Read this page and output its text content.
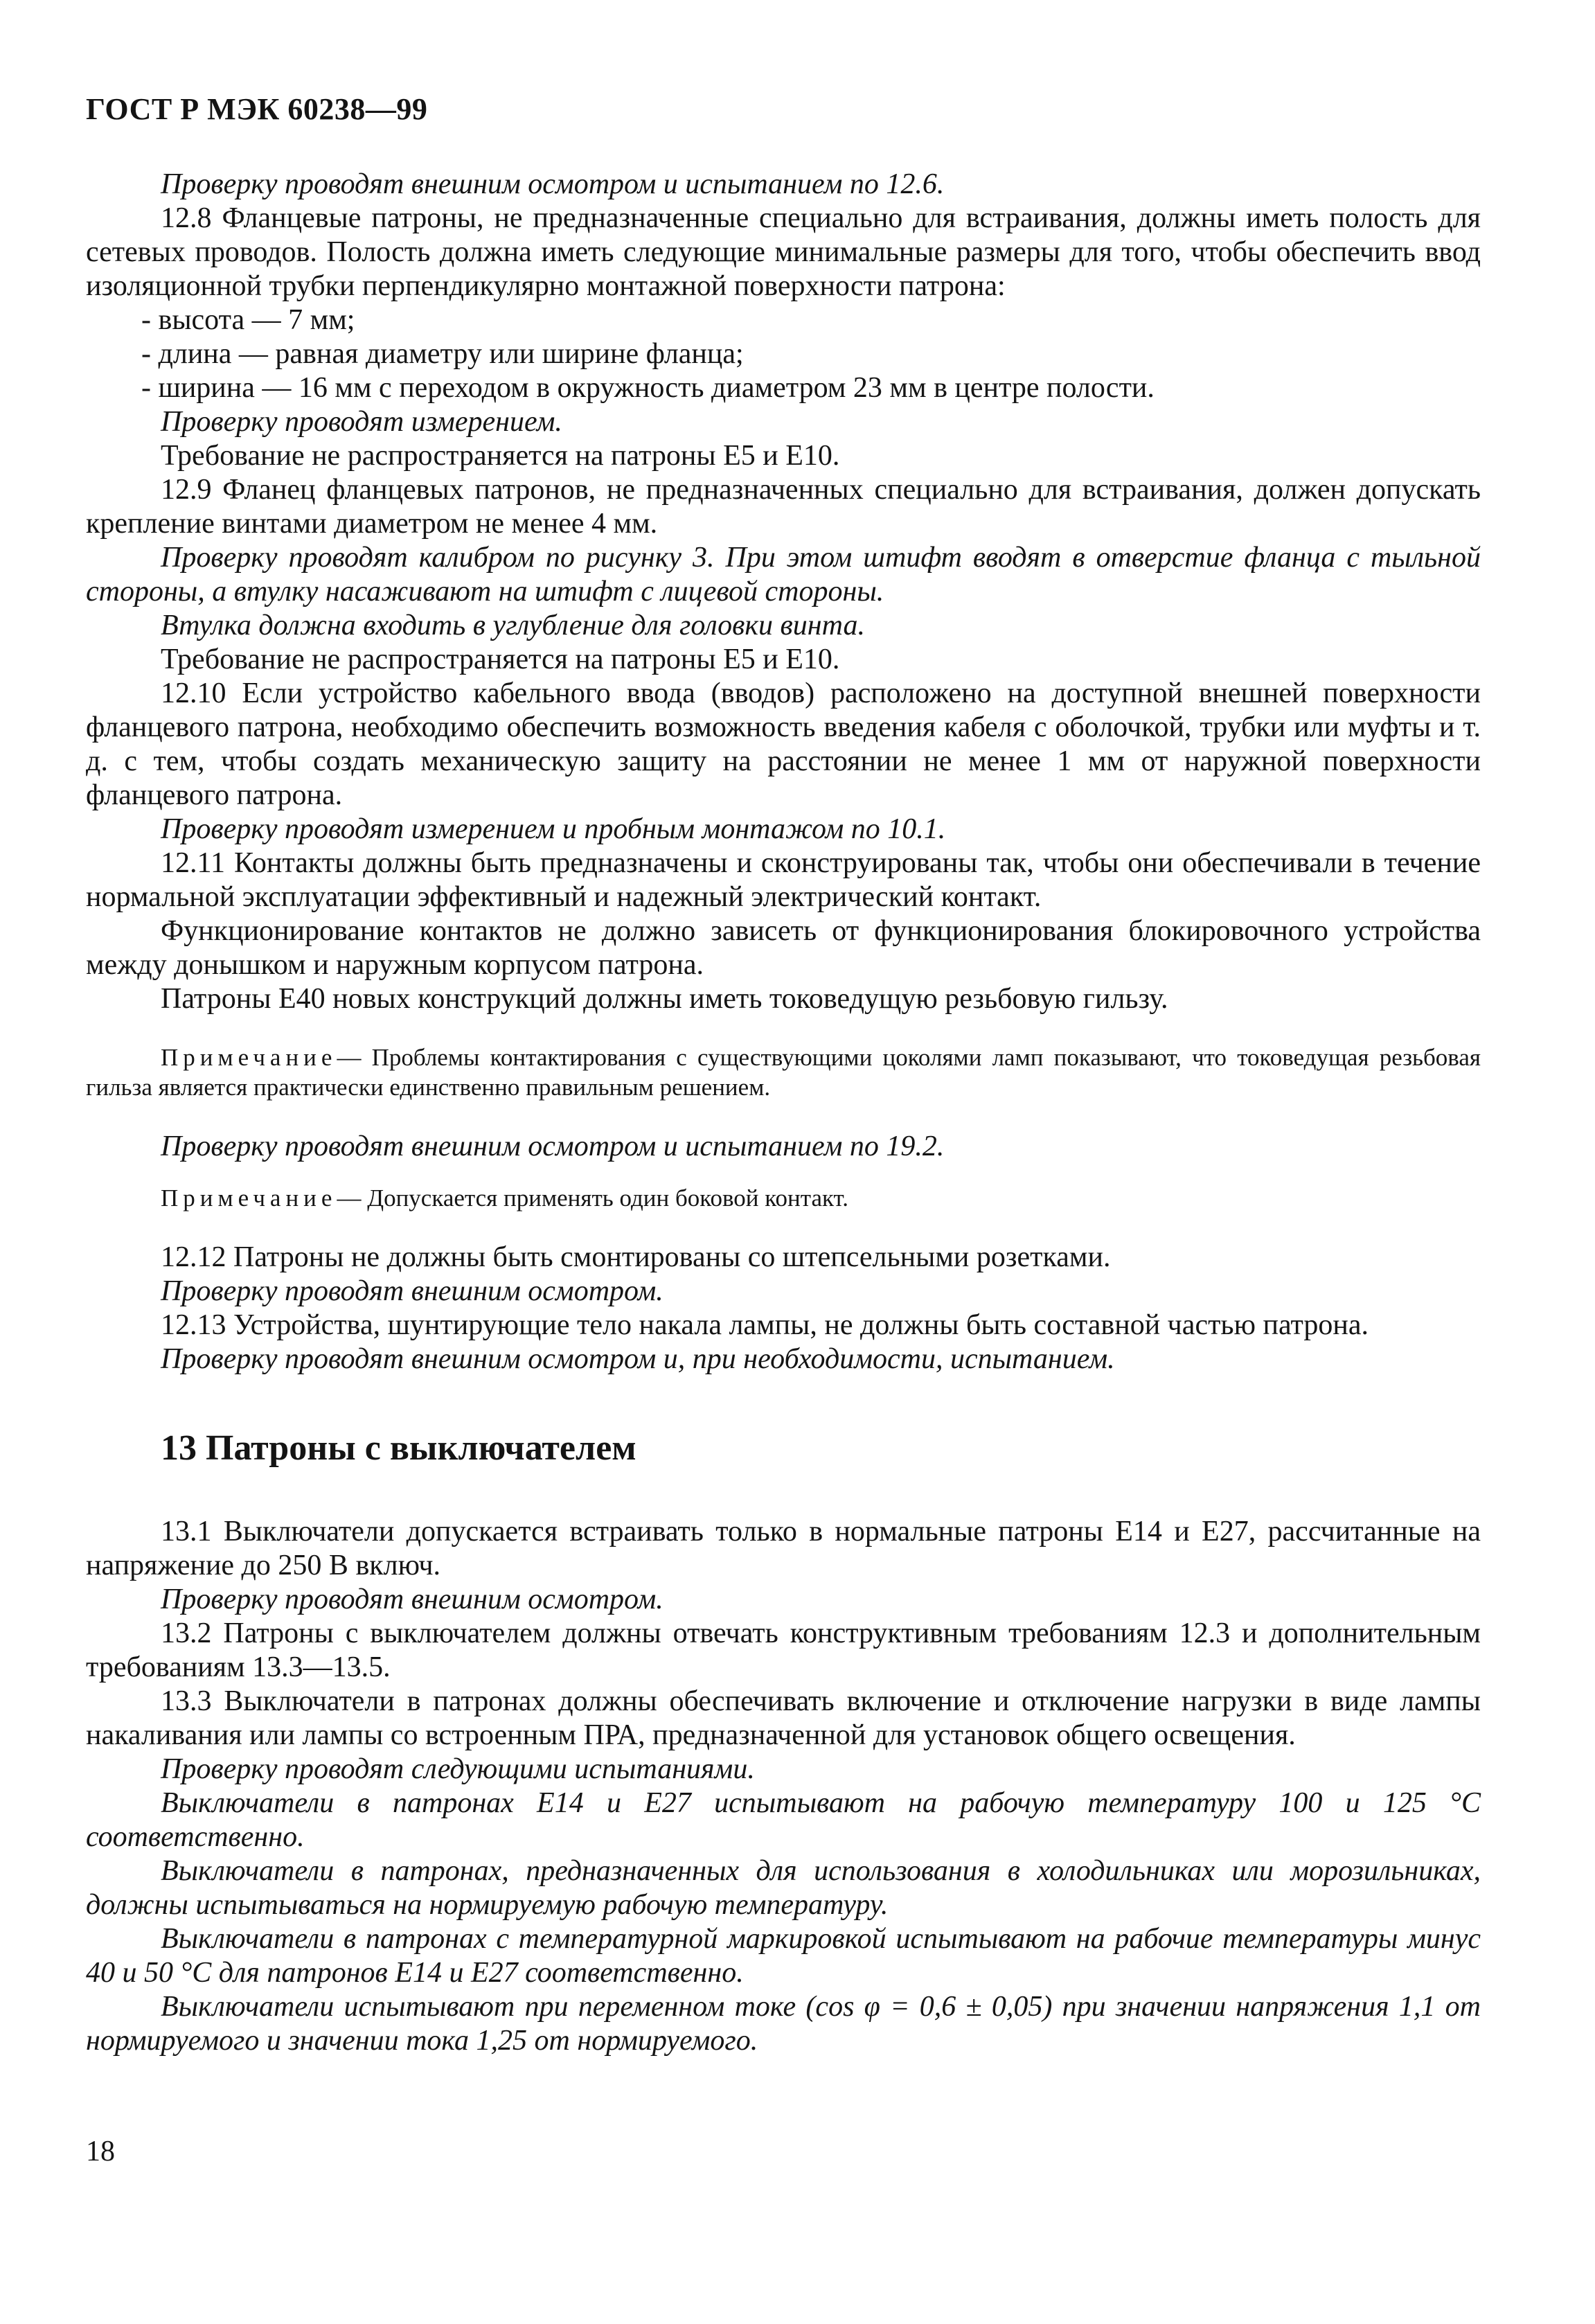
ГОСТ Р МЭК 60238—99

Проверку проводят внешним осмотром и испытанием по 12.6.

12.8 Фланцевые патроны, не предназначенные специально для встраивания, должны иметь полость для сетевых проводов. Полость должна иметь следующие минимальные размеры для того, чтобы обеспечить ввод изоляционной трубки перпендикулярно монтажной поверхности патрона:

- высота — 7 мм;

- длина — равная диаметру или ширине фланца;

- ширина — 16 мм с переходом в окружность диаметром 23 мм в центре полости.

Проверку проводят измерением.

Требование не распространяется на патроны Е5 и Е10.

12.9 Фланец фланцевых патронов, не предназначенных специально для встраивания, должен допускать крепление винтами диаметром не менее 4 мм.

Проверку проводят калибром по рисунку 3. При этом штифт вводят в отверстие фланца с тыльной стороны, а втулку насаживают на штифт с лицевой стороны.

Втулка должна входить в углубление для головки винта.

Требование не распространяется на патроны Е5 и Е10.

12.10 Если устройство кабельного ввода (вводов) расположено на доступной внешней поверхности фланцевого патрона, необходимо обеспечить возможность введения кабеля с оболочкой, трубки или муфты и т. д. с тем, чтобы создать механическую защиту на расстоянии не менее 1 мм от наружной поверхности фланцевого патрона.

Проверку проводят измерением и пробным монтажом по 10.1.

12.11 Контакты должны быть предназначены и сконструированы так, чтобы они обеспечивали в течение нормальной эксплуатации эффективный и надежный электрический контакт.

Функционирование контактов не должно зависеть от функционирования блокировочного устройства между донышком и наружным корпусом патрона.

Патроны Е40 новых конструкций должны иметь токоведущую резьбовую гильзу.

Примечание— Проблемы контактирования с существующими цоколями ламп показывают, что токоведущая резьбовая гильза является практически единственно правильным решением.

Проверку проводят внешним осмотром и испытанием по 19.2.

Примечание— Допускается применять один боковой контакт.

12.12 Патроны не должны быть смонтированы со штепсельными розетками.

Проверку проводят внешним осмотром.

12.13 Устройства, шунтирующие тело накала лампы, не должны быть составной частью патрона.

Проверку проводят внешним осмотром и, при необходимости, испытанием.

13 Патроны с выключателем

13.1 Выключатели допускается встраивать только в нормальные патроны Е14 и Е27, рассчитанные на напряжение до 250 В включ.

Проверку проводят внешним осмотром.

13.2 Патроны с выключателем должны отвечать конструктивным требованиям 12.3 и дополнительным требованиям 13.3—13.5.

13.3 Выключатели в патронах должны обеспечивать включение и отключение нагрузки в виде лампы накаливания или лампы со встроенным ПРА, предназначенной для установок общего освещения.

Проверку проводят следующими испытаниями.

Выключатели в патронах Е14 и Е27 испытывают на рабочую температуру 100 и 125 °С соответственно.

Выключатели в патронах, предназначенных для использования в холодильниках или морозильниках, должны испытываться на нормируемую рабочую температуру.

Выключатели в патронах с температурной маркировкой испытывают на рабочие температуры минус 40 и 50 °С для патронов Е14 и Е27 соответственно.

Выключатели испытывают при переменном токе (cos φ = 0,6 ± 0,05) при значении напряжения 1,1 от нормируемого и значении тока 1,25 от нормируемого.

18
